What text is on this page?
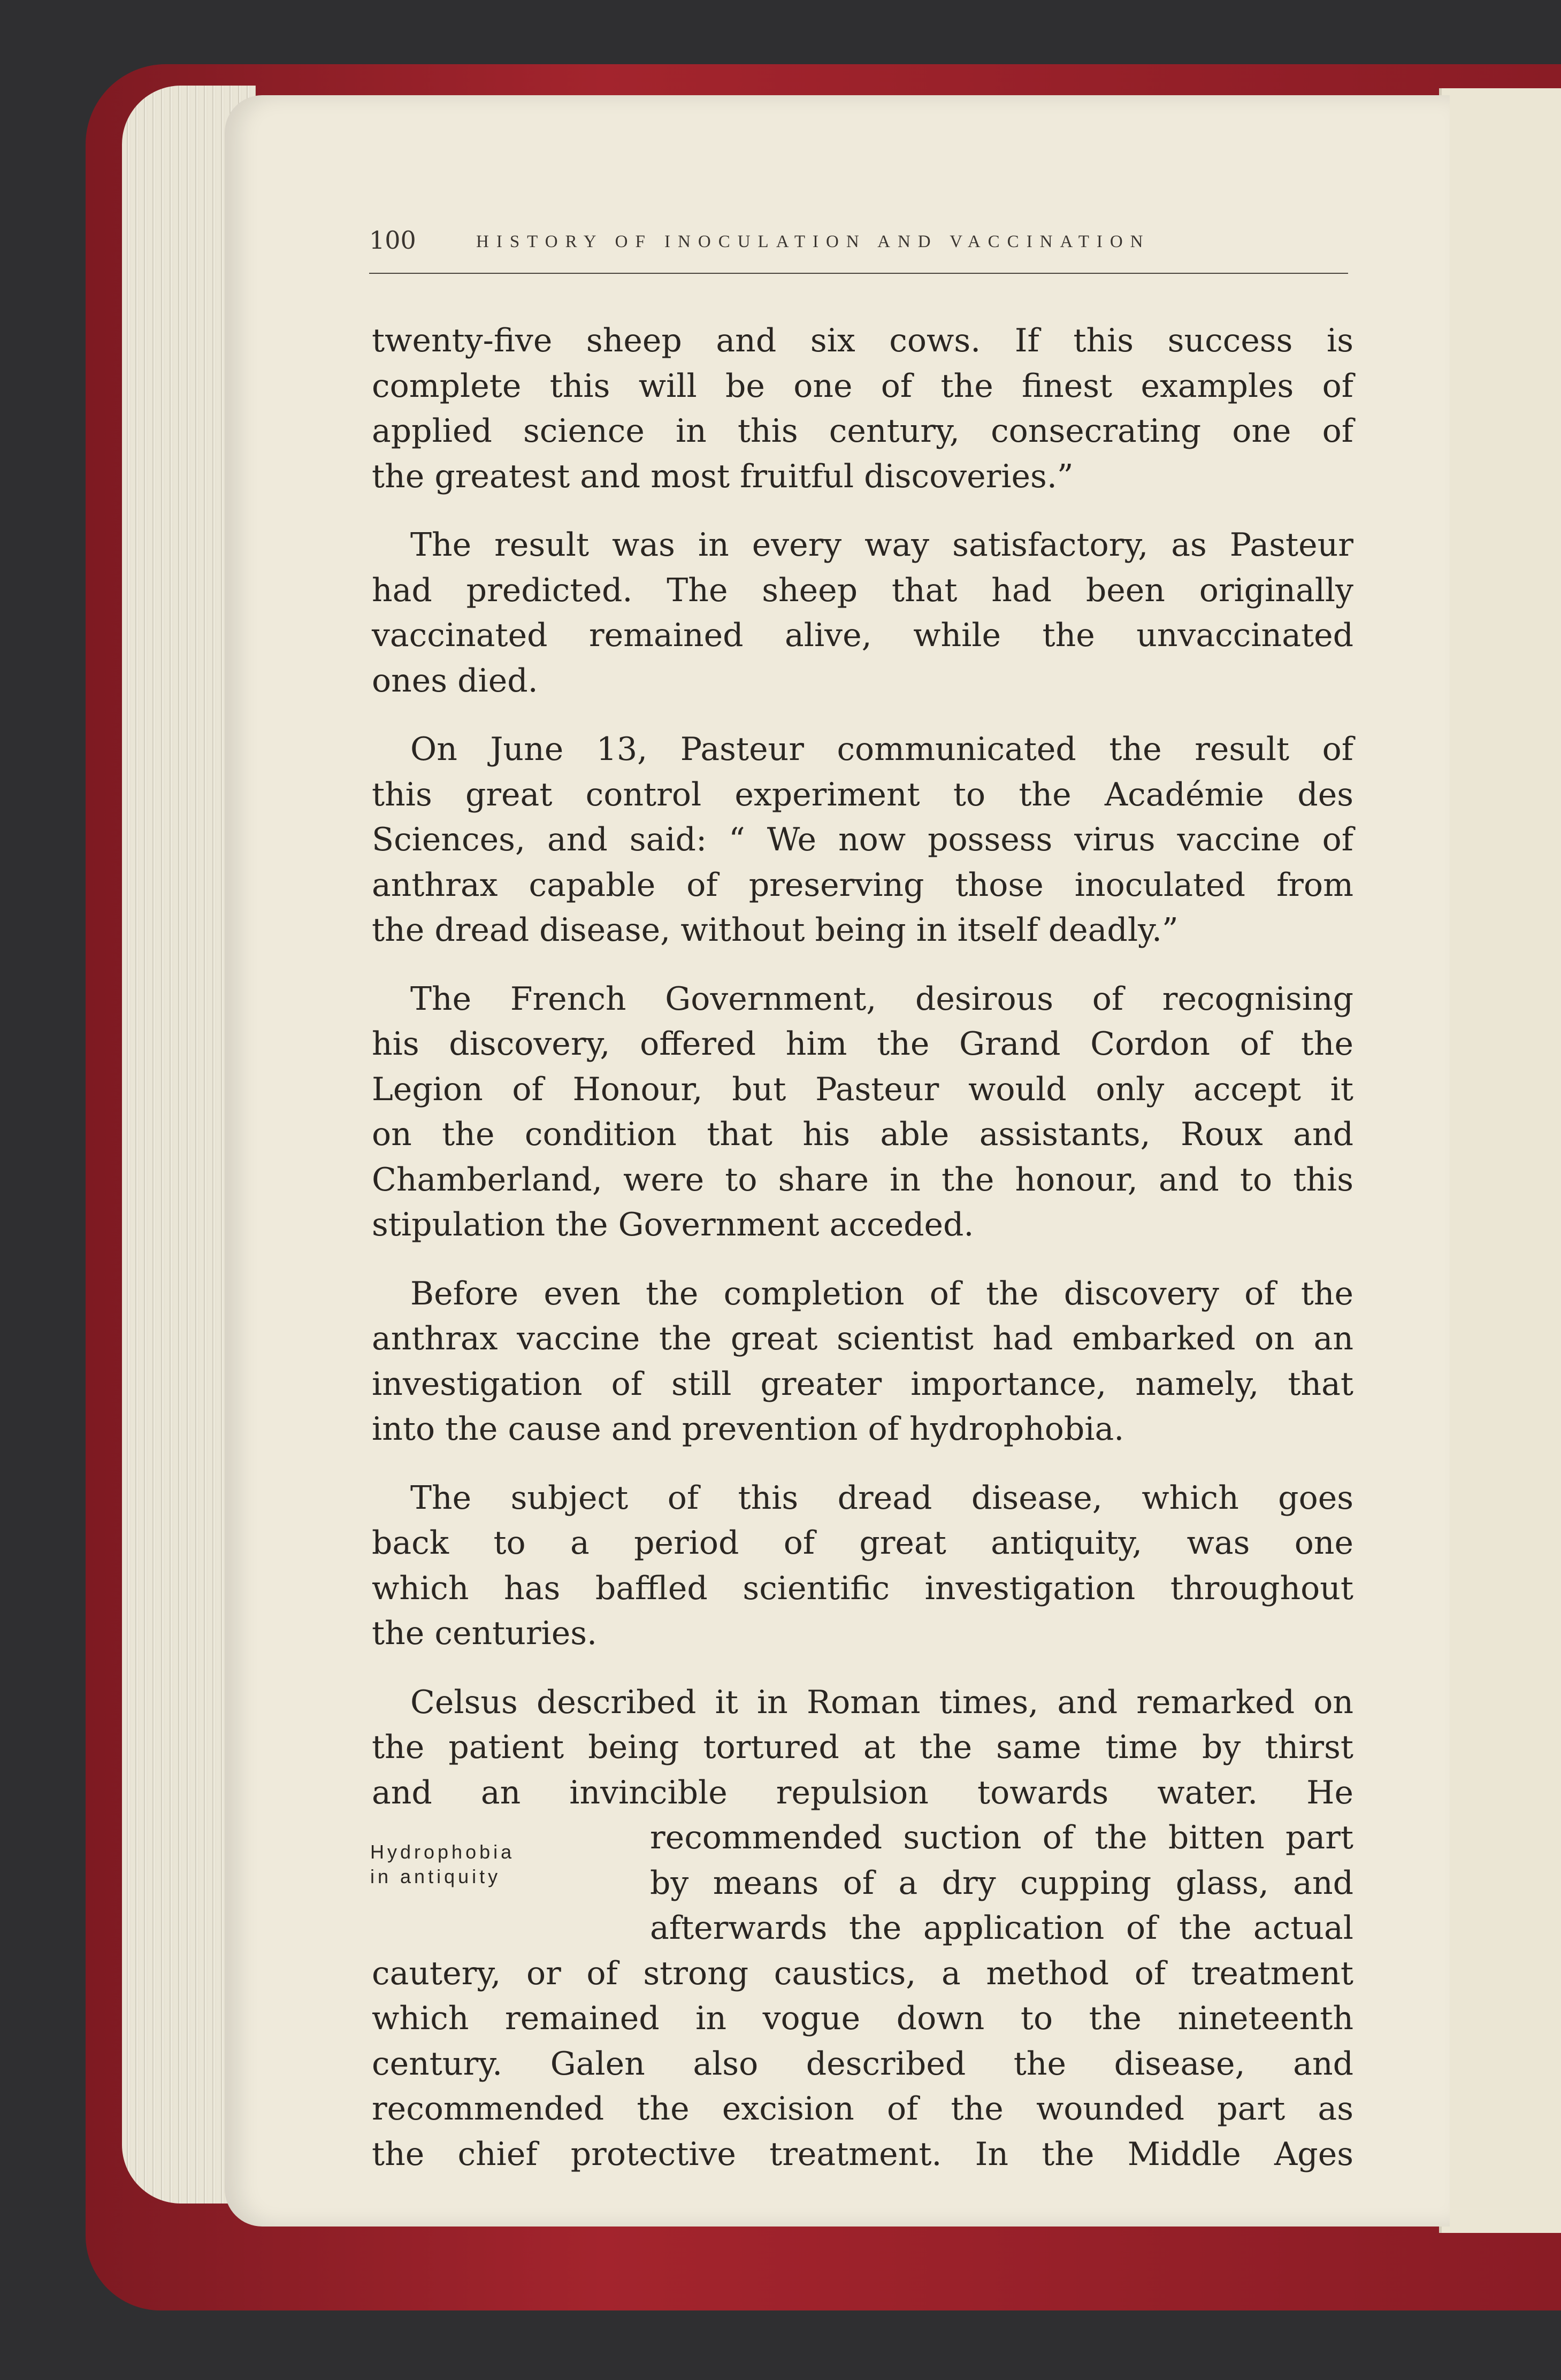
100	HISTORY OF INOCULATION AND VACCINATION
twenty-five sheep and six cows. If this success is
complete this will be one of the finest examples of
applied science in this century, consecrating one of
the greatest and most fruitful discoveries.”
The result was in every way satisfactory, as Pasteur
had predicted. The sheep that had been originally
vaccinated remained alive, while the unvaccinated
ones died.
On June 13, Pasteur communicated the result of
this great control experiment to the Académie des
Sciences, and said: “ We now possess virus vaccine of
anthrax capable of preserving those inoculated from
the dread disease, without being in itself deadly.”
The French Government, desirous of recognising
his discovery, offered him the Grand Cordon of the
Legion of Honour, but Pasteur would only accept it
on the condition that his able assistants, Roux and
Chamberland, were to share in the honour, and to this
stipulation the Government acceded.
Before even the completion of the discovery of the
anthrax vaccine the great scientist had embarked on an
investigation of still greater importance, namely, that
into the cause and prevention of hydrophobia.
The subject of this dread disease, which goes
back to a period of great antiquity, was one
which has baffled scientific investigation throughout
the centuries.
Celsus described it in Roman times, and remarked on
the patient being tortured at the same time by thirst
and an invincible repulsion towards water. He
recommended suction of the bitten part
by means of a dry cupping glass, and
afterwards the application of the actual
cautery, or of strong caustics, a method of treatment
which remained in vogue down to the nineteenth
century. Galen also described the disease, and
recommended the excision of the wounded part as
the chief protective treatment. In the Middle Ages
Hydrophobia
in antiquity
